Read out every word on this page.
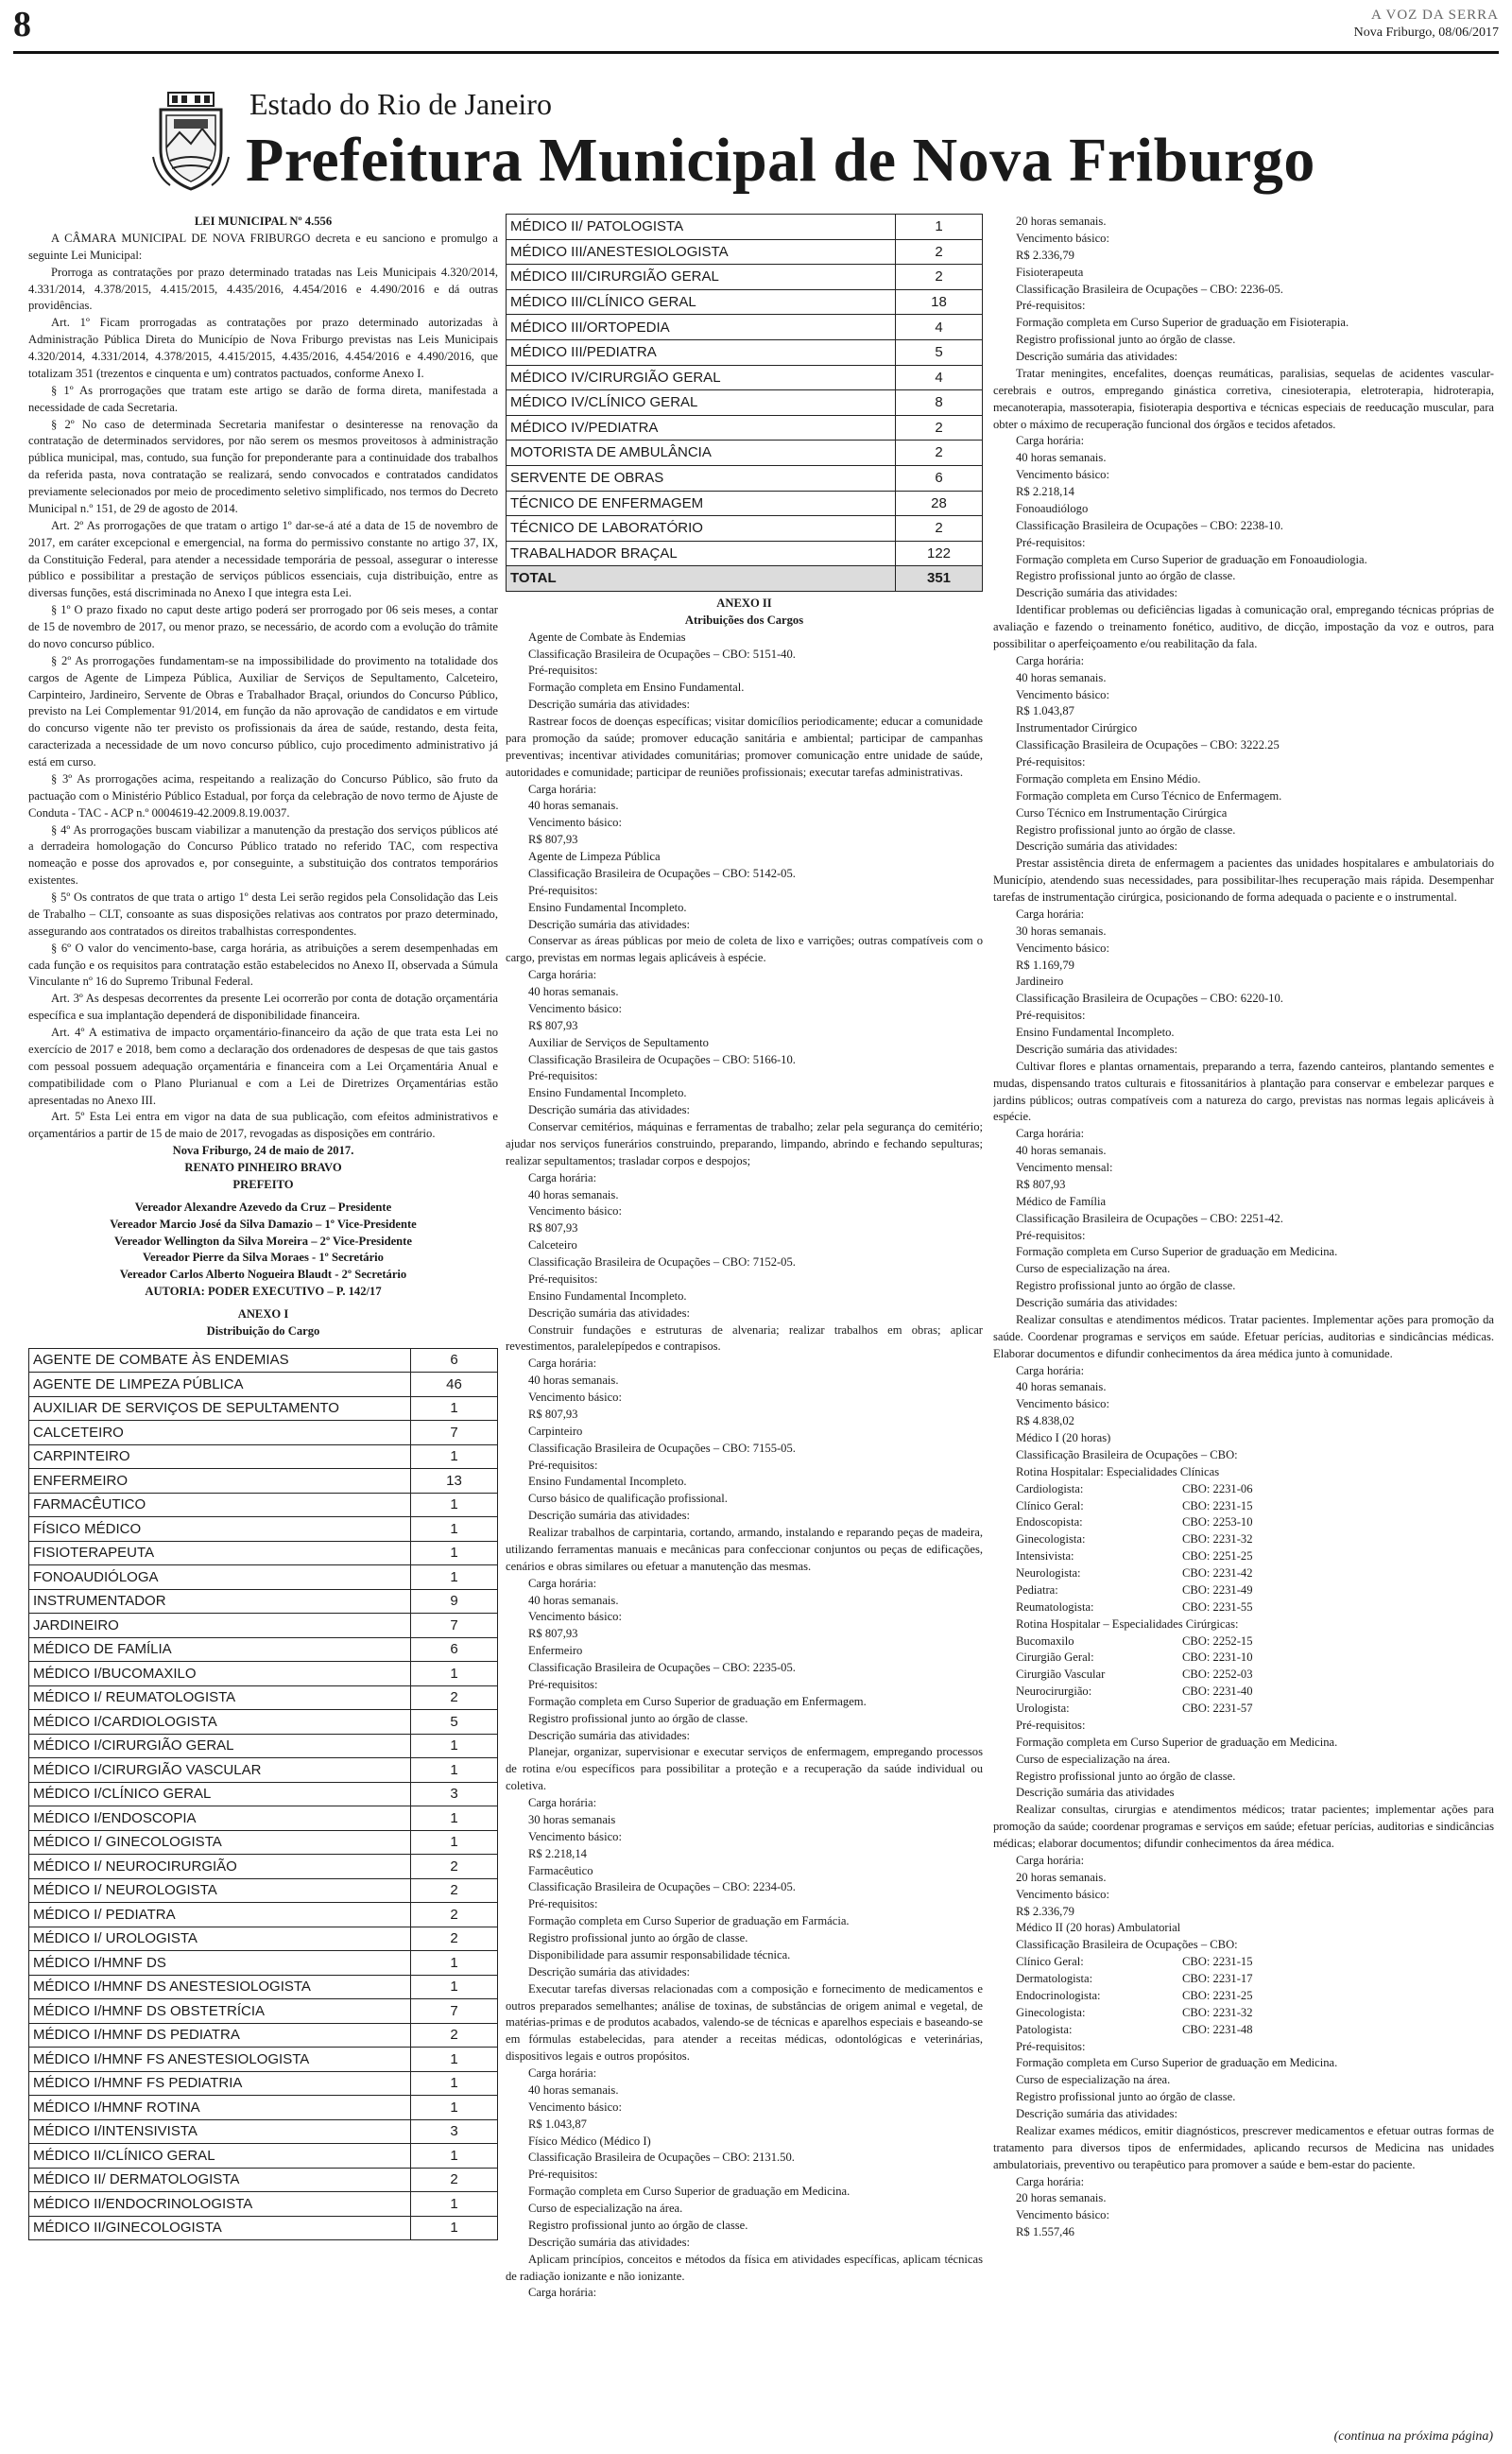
8	A VOZ DA SERRA
Nova Friburgo, 08/06/2017
Estado do Rio de Janeiro
Prefeitura Municipal de Nova Friburgo

LEI MUNICIPAL Nº 4.556

A CÂMARA MUNICIPAL DE NOVA FRIBURGO decreta e eu sanciono e promulgo a seguinte Lei Municipal:

Prorroga as contratações por prazo determinado tratadas nas Leis Municipais 4.320/2014, 4.331/2014, 4.378/2015, 4.415/2015, 4.435/2016, 4.454/2016 e 4.490/2016 e dá outras providências.

Art. 1º Ficam prorrogadas as contratações por prazo determinado autorizadas à Administração Pública Direta do Município de Nova Friburgo previstas nas Leis Municipais 4.320/2014, 4.331/2014, 4.378/2015, 4.415/2015, 4.435/2016, 4.454/2016 e 4.490/2016, que totalizam 351 (trezentos e cinquenta e um) contratos pactuados, conforme Anexo I.

§ 1º As prorrogações que tratam este artigo se darão de forma direta, manifestada a necessidade de cada Secretaria.

§ 2º No caso de determinada Secretaria manifestar o desinteresse na renovação da contratação de determinados servidores, por não serem os mesmos proveitosos à administração pública municipal, mas, contudo, sua função for preponderante para a continuidade dos trabalhos da referida pasta, nova contratação se realizará, sendo convocados e contratados candidatos previamente selecionados por meio de procedimento seletivo simplificado, nos termos do Decreto Municipal n.º 151, de 29 de agosto de 2014.

Art. 2º As prorrogações de que tratam o artigo 1º dar-se-á até a data de 15 de novembro de 2017, em caráter excepcional e emergencial, na forma do permissivo constante no artigo 37, IX, da Constituição Federal, para atender a necessidade temporária de pessoal, assegurar o interesse público e possibilitar a prestação de serviços públicos essenciais, cuja distribuição, entre as diversas funções, está discriminada no Anexo I que integra esta Lei.

§ 1º O prazo fixado no caput deste artigo poderá ser prorrogado por 06 seis meses, a contar de 15 de novembro de 2017, ou menor prazo, se necessário, de acordo com a evolução do trâmite do novo concurso público.

§ 2º As prorrogações fundamentam-se na impossibilidade do provimento na totalidade dos cargos de Agente de Limpeza Pública, Auxiliar de Serviços de Sepultamento, Calceteiro, Carpinteiro, Jardineiro, Servente de Obras e Trabalhador Braçal, oriundos do Concurso Público, previsto na Lei Complementar 91/2014, em função da não aprovação de candidatos e em virtude do concurso vigente não ter previsto os profissionais da área de saúde, restando, desta feita, caracterizada a necessidade de um novo concurso público, cujo procedimento administrativo já está em curso.

§ 3º As prorrogações acima, respeitando a realização do Concurso Público, são fruto da pactuação com o Ministério Público Estadual, por força da celebração de novo termo de Ajuste de Conduta - TAC - ACP n.º 0004619-42.2009.8.19.0037.

§ 4º As prorrogações buscam viabilizar a manutenção da prestação dos serviços públicos até a derradeira homologação do Concurso Público tratado no referido TAC, com respectiva nomeação e posse dos aprovados e, por conseguinte, a substituição dos contratos temporários existentes.

§ 5º Os contratos de que trata o artigo 1º desta Lei serão regidos pela Consolidação das Leis de Trabalho – CLT, consoante as suas disposições relativas aos contratos por prazo determinado, assegurando aos contratados os direitos trabalhistas correspondentes.

§ 6º O valor do vencimento-base, carga horária, as atribuições a serem desempenhadas em cada função e os requisitos para contratação estão estabelecidos no Anexo II, observada a Súmula Vinculante nº 16 do Supremo Tribunal Federal.

Art. 3º As despesas decorrentes da presente Lei ocorrerão por conta de dotação orçamentária específica e sua implantação dependerá de disponibilidade financeira.

Art. 4º A estimativa de impacto orçamentário-financeiro da ação de que trata esta Lei no exercício de 2017 e 2018, bem como a declaração dos ordenadores de despesas de que tais gastos com pessoal possuem adequação orçamentária e financeira com a Lei Orçamentária Anual e compatibilidade com o Plano Plurianual e com a Lei de Diretrizes Orçamentárias estão apresentadas no Anexo III.

Art. 5º Esta Lei entra em vigor na data de sua publicação, com efeitos administrativos e orçamentários a partir de 15 de maio de 2017, revogadas as disposições em contrário.

Nova Friburgo, 24 de maio de 2017.

RENATO PINHEIRO BRAVO

PREFEITO

Vereador Alexandre Azevedo da Cruz – Presidente

Vereador Marcio José da Silva Damazio – 1º Vice-Presidente

Vereador Wellington da Silva Moreira – 2º Vice-Presidente

Vereador Pierre da Silva Moraes - 1º Secretário

Vereador Carlos Alberto Nogueira Blaudt - 2º Secretário

AUTORIA: PODER EXECUTIVO – P. 142/17

ANEXO I

Distribuição do Cargo

AGENTE DE COMBATE ÀS ENDEMIAS	6
AGENTE DE LIMPEZA PÚBLICA	46
AUXILIAR DE SERVIÇOS DE SEPULTAMENTO	1
CALCETEIRO	7
CARPINTEIRO	1
ENFERMEIRO	13
FARMACÊUTICO	1
FÍSICO MÉDICO	1
FISIOTERAPEUTA	1
FONOAUDIÓLOGA	1
INSTRUMENTADOR	9
JARDINEIRO	7
MÉDICO DE FAMÍLIA	6
MÉDICO I/BUCOMAXILO	1
MÉDICO I/ REUMATOLOGISTA	2
MÉDICO I/CARDIOLOGISTA	5
MÉDICO I/CIRURGIÃO GERAL	1
MÉDICO I/CIRURGIÃO VASCULAR	1
MÉDICO I/CLÍNICO GERAL	3
MÉDICO I/ENDOSCOPIA	1
MÉDICO I/ GINECOLOGISTA	1
MÉDICO I/ NEUROCIRURGIÃO	2
MÉDICO I/ NEUROLOGISTA	2
MÉDICO I/ PEDIATRA	2
MÉDICO I/ UROLOGISTA	2
MÉDICO I/HMNF DS	1
MÉDICO I/HMNF DS ANESTESIOLOGISTA	1
MÉDICO I/HMNF DS OBSTETRÍCIA	7
MÉDICO I/HMNF DS PEDIATRA	2
MÉDICO I/HMNF FS ANESTESIOLOGISTA	1
MÉDICO I/HMNF FS PEDIATRIA	1
MÉDICO I/HMNF ROTINA	1
MÉDICO I/INTENSIVISTA	3
MÉDICO II/CLÍNICO GERAL	1
MÉDICO II/ DERMATOLOGISTA	2
MÉDICO II/ENDOCRINOLOGISTA	1
MÉDICO II/GINECOLOGISTA	1
MÉDICO II/ PATOLOGISTA	1
MÉDICO III/ANESTESIOLOGISTA	2
MÉDICO III/CIRURGIÃO GERAL	2
MÉDICO III/CLÍNICO GERAL	18
MÉDICO III/ORTOPEDIA	4
MÉDICO III/PEDIATRA	5
MÉDICO IV/CIRURGIÃO GERAL	4
MÉDICO IV/CLÍNICO GERAL	8
MÉDICO IV/PEDIATRA	2
MOTORISTA DE AMBULÂNCIA	2
SERVENTE DE OBRAS	6
TÉCNICO DE ENFERMAGEM	28
TÉCNICO DE LABORATÓRIO	2
TRABALHADOR BRAÇAL	122
TOTAL	351

ANEXO II

Atribuições dos Cargos

Agente de Combate às Endemias

Classificação Brasileira de Ocupações – CBO: 5151-40.

Pré-requisitos:

Formação completa em Ensino Fundamental.

Descrição sumária das atividades:

Rastrear focos de doenças específicas; visitar domicílios periodicamente; educar a comunidade para promoção da saúde; promover educação sanitária e ambiental; participar de campanhas preventivas; incentivar atividades comunitárias; promover comunicação entre unidade de saúde, autoridades e comunidade; participar de reuniões profissionais; executar tarefas administrativas.

Carga horária:

40 horas semanais.

Vencimento básico:

R$ 807,93

Agente de Limpeza Pública

Classificação Brasileira de Ocupações – CBO: 5142-05.

Pré-requisitos:

Ensino Fundamental Incompleto.

Descrição sumária das atividades:

Conservar as áreas públicas por meio de coleta de lixo e varrições; outras compatíveis com o cargo, previstas em normas legais aplicáveis à espécie.

Carga horária:

40 horas semanais.

Vencimento básico:

R$ 807,93

Auxiliar de Serviços de Sepultamento

Classificação Brasileira de Ocupações – CBO: 5166-10.

Pré-requisitos:

Ensino Fundamental Incompleto.

Descrição sumária das atividades:

Conservar cemitérios, máquinas e ferramentas de trabalho; zelar pela segurança do cemitério; ajudar nos serviços funerários construindo, preparando, limpando, abrindo e fechando sepulturas; realizar sepultamentos; trasladar corpos e despojos;

Carga horária:

40 horas semanais.

Vencimento básico:

R$ 807,93

Calceteiro

Classificação Brasileira de Ocupações – CBO: 7152-05.

Pré-requisitos:

Ensino Fundamental Incompleto.

Descrição sumária das atividades:

Construir fundações e estruturas de alvenaria; realizar trabalhos em obras; aplicar revestimentos, paralelepípedos e contrapisos.

Carga horária:

40 horas semanais.

Vencimento básico:

R$ 807,93

Carpinteiro

Classificação Brasileira de Ocupações – CBO: 7155-05.

Pré-requisitos:

Ensino Fundamental Incompleto.

Curso básico de qualificação profissional.

Descrição sumária das atividades:

Realizar trabalhos de carpintaria, cortando, armando, instalando e reparando peças de madeira, utilizando ferramentas manuais e mecânicas para confeccionar conjuntos ou peças de edificações, cenários e obras similares ou efetuar a manutenção das mesmas.

Carga horária:

40 horas semanais.

Vencimento básico:

R$ 807,93

Enfermeiro

Classificação Brasileira de Ocupações – CBO: 2235-05.

Pré-requisitos:

Formação completa em Curso Superior de graduação em Enfermagem.

Registro profissional junto ao órgão de classe.

Descrição sumária das atividades:

Planejar, organizar, supervisionar e executar serviços de enfermagem, empregando processos de rotina e/ou específicos para possibilitar a proteção e a recuperação da saúde individual ou coletiva.

Carga horária:

30 horas semanais

Vencimento básico:

R$ 2.218,14

Farmacêutico

Classificação Brasileira de Ocupações – CBO: 2234-05.

Pré-requisitos:

Formação completa em Curso Superior de graduação em Farmácia.

Registro profissional junto ao órgão de classe.

Disponibilidade para assumir responsabilidade técnica.

Descrição sumária das atividades:

Executar tarefas diversas relacionadas com a composição e fornecimento de medicamentos e outros preparados semelhantes; análise de toxinas, de substâncias de origem animal e vegetal, de matérias-primas e de produtos acabados, valendo-se de técnicas e aparelhos especiais e baseando-se em fórmulas estabelecidas, para atender a receitas médicas, odontológicas e veterinárias, dispositivos legais e outros propósitos.

Carga horária:

40 horas semanais.

Vencimento básico:

R$ 1.043,87

Físico Médico (Médico I)

Classificação Brasileira de Ocupações – CBO: 2131.50.

Pré-requisitos:

Formação completa em Curso Superior de graduação em Medicina.

Curso de especialização na área.

Registro profissional junto ao órgão de classe.

Descrição sumária das atividades:

Aplicam princípios, conceitos e métodos da física em atividades específicas, aplicam técnicas de radiação ionizante e não ionizante.

Carga horária:

20 horas semanais.

Vencimento básico:

R$ 2.336,79

Fisioterapeuta

Classificação Brasileira de Ocupações – CBO: 2236-05.

Pré-requisitos:

Formação completa em Curso Superior de graduação em Fisioterapia.

Registro profissional junto ao órgão de classe.

Descrição sumária das atividades:

Tratar meningites, encefalites, doenças reumáticas, paralisias, sequelas de acidentes vascular-cerebrais e outros, empregando ginástica corretiva, cinesioterapia, eletroterapia, hidroterapia, mecanoterapia, massoterapia, fisioterapia desportiva e técnicas especiais de reeducação muscular, para obter o máximo de recuperação funcional dos órgãos e tecidos afetados.

Carga horária:

40 horas semanais.

Vencimento básico:

R$ 2.218,14

Fonoaudiólogo

Classificação Brasileira de Ocupações – CBO: 2238-10.

Pré-requisitos:

Formação completa em Curso Superior de graduação em Fonoaudiologia.

Registro profissional junto ao órgão de classe.

Descrição sumária das atividades:

Identificar problemas ou deficiências ligadas à comunicação oral, empregando técnicas próprias de avaliação e fazendo o treinamento fonético, auditivo, de dicção, impostação da voz e outros, para possibilitar o aperfeiçoamento e/ou reabilitação da fala.

Carga horária:

40 horas semanais.

Vencimento básico:

R$ 1.043,87

Instrumentador Cirúrgico

Classificação Brasileira de Ocupações – CBO: 3222.25

Pré-requisitos:

Formação completa em Ensino Médio.

Formação completa em Curso Técnico de Enfermagem.

Curso Técnico em Instrumentação Cirúrgica

Registro profissional junto ao órgão de classe.

Descrição sumária das atividades:

Prestar assistência direta de enfermagem a pacientes das unidades hospitalares e ambulatoriais do Município, atendendo suas necessidades, para possibilitar-lhes recuperação mais rápida. Desempenhar tarefas de instrumentação cirúrgica, posicionando de forma adequada o paciente e o instrumental.

Carga horária:

30 horas semanais.

Vencimento básico:

R$ 1.169,79

Jardineiro

Classificação Brasileira de Ocupações – CBO: 6220-10.

Pré-requisitos:

Ensino Fundamental Incompleto.

Descrição sumária das atividades:

Cultivar flores e plantas ornamentais, preparando a terra, fazendo canteiros, plantando sementes e mudas, dispensando tratos culturais e fitossanitários à plantação para conservar e embelezar parques e jardins públicos; outras compatíveis com a natureza do cargo, previstas nas normas legais aplicáveis à espécie.

Carga horária:

40 horas semanais.

Vencimento mensal:

R$ 807,93

Médico de Família

Classificação Brasileira de Ocupações – CBO: 2251-42.

Pré-requisitos:

Formação completa em Curso Superior de graduação em Medicina.

Curso de especialização na área.

Registro profissional junto ao órgão de classe.

Descrição sumária das atividades:

Realizar consultas e atendimentos médicos. Tratar pacientes. Implementar ações para promoção da saúde. Coordenar programas e serviços em saúde. Efetuar perícias, auditorias e sindicâncias médicas. Elaborar documentos e difundir conhecimentos da área médica junto à comunidade.

Carga horária:

40 horas semanais.

Vencimento básico:

R$ 4.838,02

Médico I (20 horas)

Classificação Brasileira de Ocupações – CBO:

Rotina Hospitalar: Especialidades Clínicas

Cardiologista:	CBO: 2231-06
Clínico Geral:	CBO: 2231-15
Endoscopista:	CBO: 2253-10
Ginecologista:	CBO: 2231-32
Intensivista:	CBO: 2251-25
Neurologista:	CBO: 2231-42
Pediatra:	CBO: 2231-49
Reumatologista:	CBO: 2231-55

Rotina Hospitalar – Especialidades Cirúrgicas:

Bucomaxilo	CBO: 2252-15
Cirurgião Geral:	CBO: 2231-10
Cirurgião Vascular	CBO: 2252-03
Neurocirurgião:	CBO: 2231-40
Urologista:	CBO: 2231-57

Pré-requisitos:

Formação completa em Curso Superior de graduação em Medicina.

Curso de especialização na área.

Registro profissional junto ao órgão de classe.

Descrição sumária das atividades

Realizar consultas, cirurgias e atendimentos médicos; tratar pacientes; implementar ações para promoção da saúde; coordenar programas e serviços em saúde; efetuar perícias, auditorias e sindicâncias médicas; elaborar documentos; difundir conhecimentos da área médica.

Carga horária:

20 horas semanais.

Vencimento básico:

R$ 2.336,79

Médico II (20 horas) Ambulatorial

Classificação Brasileira de Ocupações – CBO:

Clínico Geral:	CBO: 2231-15
Dermatologista:	CBO: 2231-17
Endocrinologista:	CBO: 2231-25
Ginecologista:	CBO: 2231-32
Patologista:	CBO: 2231-48

Pré-requisitos:

Formação completa em Curso Superior de graduação em Medicina.

Curso de especialização na área.

Registro profissional junto ao órgão de classe.

Descrição sumária das atividades:

Realizar exames médicos, emitir diagnósticos, prescrever medicamentos e efetuar outras formas de tratamento para diversos tipos de enfermidades, aplicando recursos de Medicina nas unidades ambulatoriais, preventivo ou terapêutico para promover a saúde e bem-estar do paciente.

Carga horária:

20 horas semanais.

Vencimento básico:

R$ 1.557,46

(continua na próxima página)
